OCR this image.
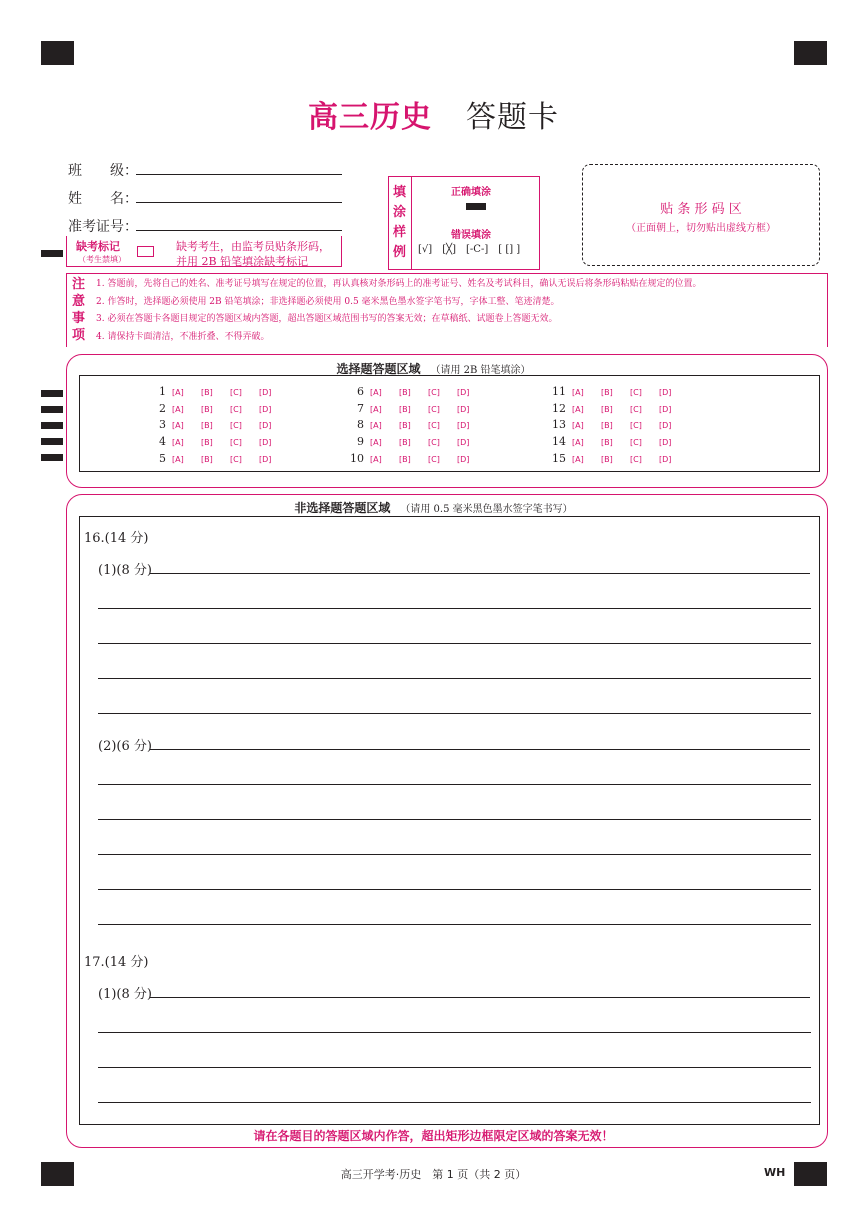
高三历史 答题卡
班　　级：
姓　　名：
准考证号：
缺考标记
（考生禁填）
缺考考生，由监考员贴条形码，
并用 2B 铅笔填涂缺考标记
填
涂
样
例
正确填涂
错误填涂
[√] [╳] [-C-] [ [] ]
贴 条 形 码 区
（正面朝上，切勿贴出虚线方框）
注
意
事
项
1. 答题前，先将自己的姓名、准考证号填写在规定的位置，再认真核对条形码上的准考证号、姓名及考试科目，确认无误后将条形码粘贴在规定的位置。
2. 作答时，选择题必须使用 2B 铅笔填涂；非选择题必须使用 0.5 毫米黑色墨水签字笔书写，字体工整、笔迹清楚。
3. 必须在答题卡各题目规定的答题区域内答题，超出答题区域范围书写的答案无效；在草稿纸、试题卷上答题无效。
4. 请保持卡面清洁，不准折叠、不得弄破。
选择题答题区域 （请用 2B 铅笔填涂）
1 [A] [B] [C] [D]
2 [A] [B] [C] [D]
3 [A] [B] [C] [D]
4 [A] [B] [C] [D]
5 [A] [B] [C] [D]
6 [A] [B] [C] [D]
7 [A] [B] [C] [D]
8 [A] [B] [C] [D]
9 [A] [B] [C] [D]
10 [A] [B] [C] [D]
11 [A] [B] [C] [D]
12 [A] [B] [C] [D]
13 [A] [B] [C] [D]
14 [A] [B] [C] [D]
15 [A] [B] [C] [D]
非选择题答题区域 （请用 0.5 毫米黑色墨水签字笔书写）
16.(14 分)
(1)(8 分)
(2)(6 分)
17.(14 分)
(1)(8 分)
请在各题目的答题区域内作答，超出矩形边框限定区域的答案无效！
高三开学考·历史　第 1 页（共 2 页）	WH
